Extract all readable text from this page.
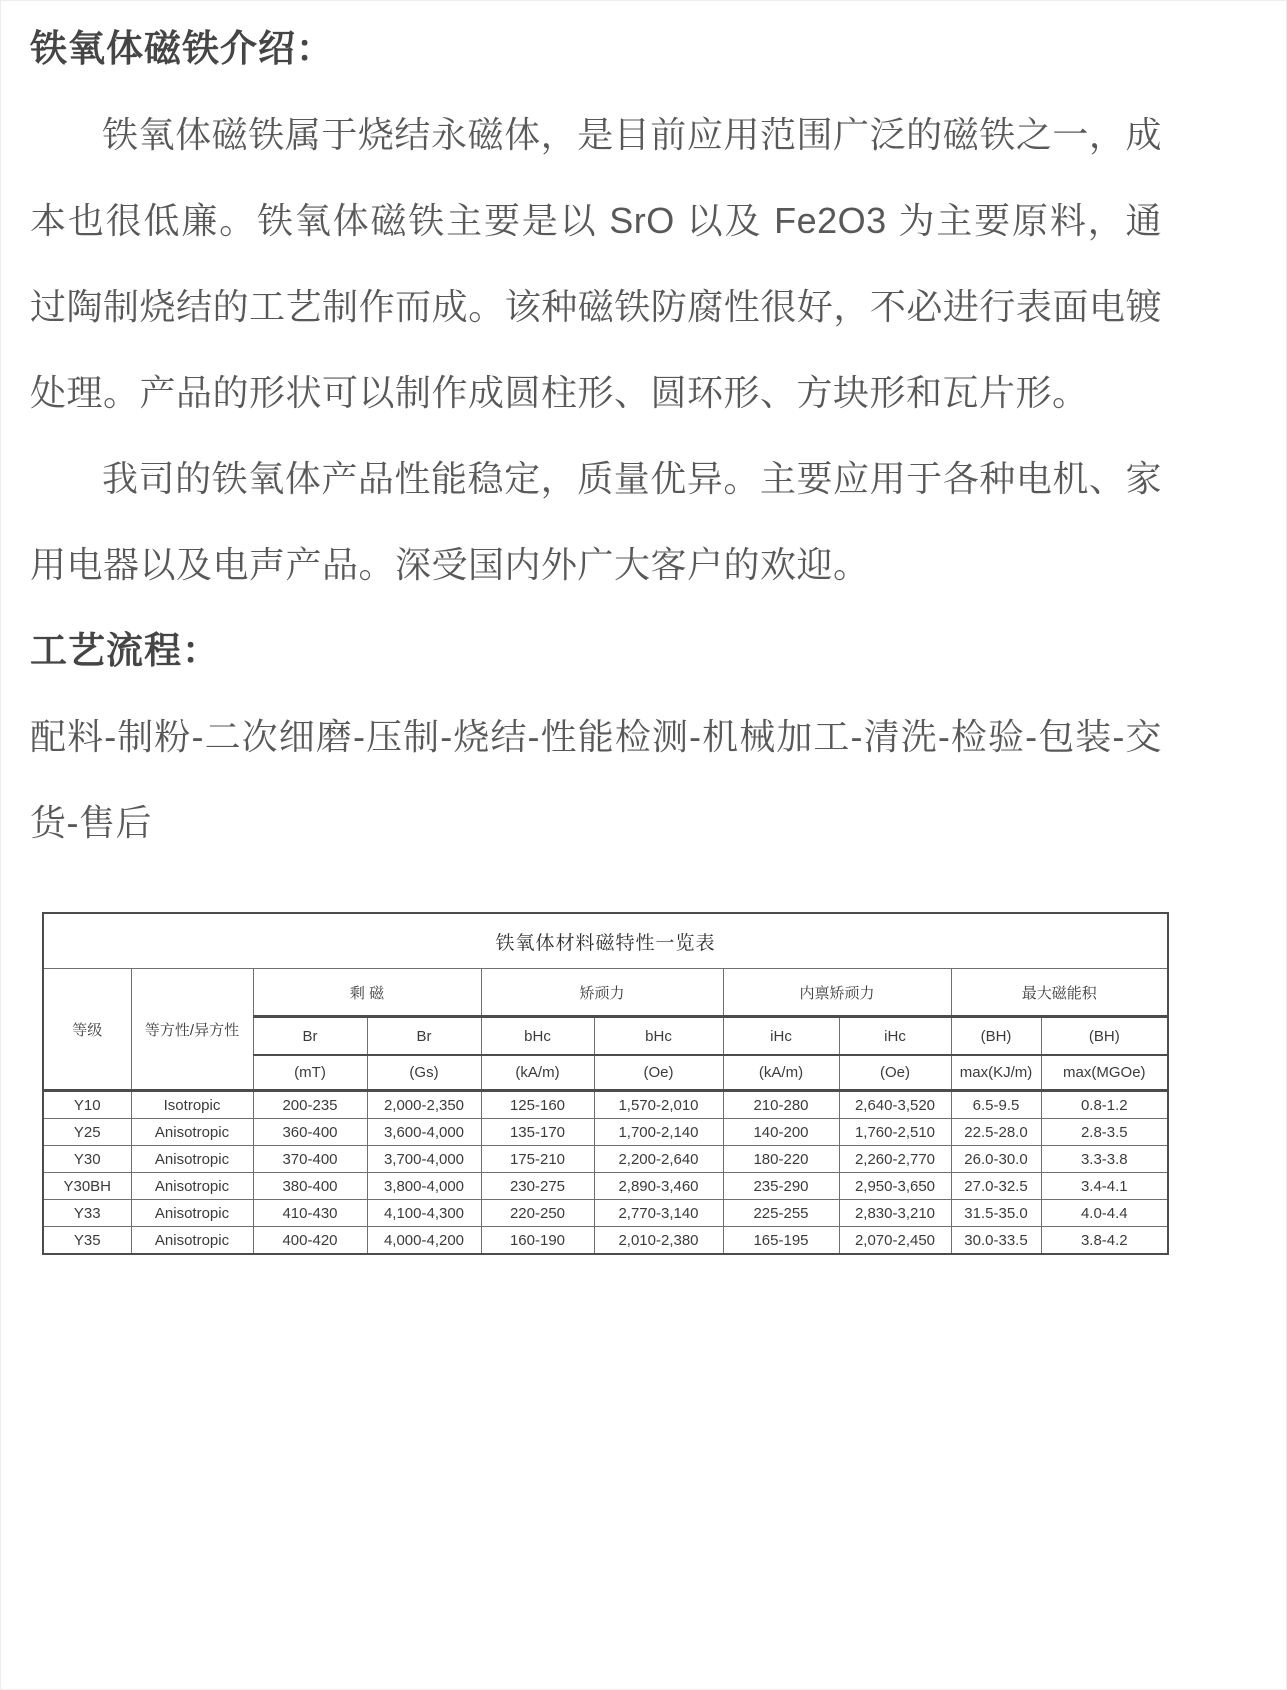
铁氧体磁铁介绍：

铁氧体磁铁属于烧结永磁体，是目前应用范围广泛的磁铁之一，成本也很低廉。铁氧体磁铁主要是以 SrO 以及 Fe2O3 为主要原料，通过陶制烧结的工艺制作而成。该种磁铁防腐性很好，不必进行表面电镀处理。产品的形状可以制作成圆柱形、圆环形、方块形和瓦片形。

我司的铁氧体产品性能稳定，质量优异。主要应用于各种电机、家用电器以及电声产品。深受国内外广大客户的欢迎。

工艺流程：

配料-制粉-二次细磨-压制-烧结-性能检测-机械加工-清洗-检验-包装-交货-售后

铁氧体材料磁特性一览表									
等级	等方性/异方性	剩 磁		矫顽力		内禀矫顽力		最大磁能积	
		Br	Br	bHc	bHc	iHc	iHc	(BH)	(BH)
		(mT)	(Gs)	(kA/m)	(Oe)	(kA/m)	(Oe)	max(KJ/m)	max(MGOe)
Y10	Isotropic	200-235	2,000-2,350	125-160	1,570-2,010	210-280	2,640-3,520	6.5-9.5	0.8-1.2
Y25	Anisotropic	360-400	3,600-4,000	135-170	1,700-2,140	140-200	1,760-2,510	22.5-28.0	2.8-3.5
Y30	Anisotropic	370-400	3,700-4,000	175-210	2,200-2,640	180-220	2,260-2,770	26.0-30.0	3.3-3.8
Y30BH	Anisotropic	380-400	3,800-4,000	230-275	2,890-3,460	235-290	2,950-3,650	27.0-32.5	3.4-4.1
Y33	Anisotropic	410-430	4,100-4,300	220-250	2,770-3,140	225-255	2,830-3,210	31.5-35.0	4.0-4.4
Y35	Anisotropic	400-420	4,000-4,200	160-190	2,010-2,380	165-195	2,070-2,450	30.0-33.5	3.8-4.2
